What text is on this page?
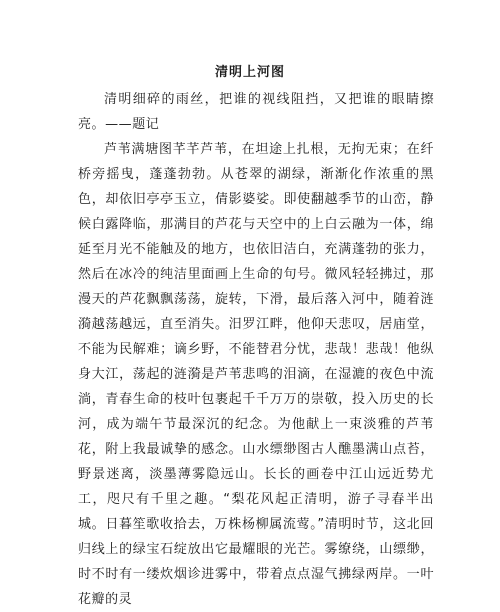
清明上河图

清明细碎的雨丝，把谁的视线阻挡，又把谁的眼睛擦亮。——题记

芦苇满塘图芊芊芦苇，在坦途上扎根，无拘无束；在纤桥旁摇曳，蓬蓬勃勃。从苍翠的湖绿，渐渐化作浓重的黑色，却依旧亭亭玉立，倩影婆娑。即使翻越季节的山峦，静候白露降临，那满目的芦花与天空中的上白云融为一体，绵延至月光不能触及的地方，也依旧洁白，充满蓬勃的张力，然后在冰冷的纯洁里面画上生命的句号。微风轻轻拂过，那漫天的芦花飘飘荡荡，旋转，下滑，最后落入河中，随着涟漪越荡越远，直至消失。汨罗江畔，他仰天悲叹，居庙堂，不能为民解难；谪乡野，不能替君分忧，悲哉！悲哉！他纵身大江，荡起的涟漪是芦苇悲鸣的泪滴，在湿漉的夜色中流淌，青春生命的枝叶包裹起千千万万的崇敬，投入历史的长河，成为端午节最深沉的纪念。为他献上一束淡雅的芦苇花，附上我最诚挚的感念。山水缥缈图古人醮墨满山点苔，野景迷离，淡墨薄雾隐远山。长长的画卷中江山远近势尤工，咫尺有千里之趣。“梨花风起正清明，游子寻春半出城。日暮笙歌收拾去，万株杨柳属流莺。”清明时节，这北回归线上的绿宝石绽放出它最耀眼的光芒。雾缭绕，山缥缈，时不时有一缕炊烟诊进雾中，带着点点湿气拂绿两岸。一叶花瓣的灵
